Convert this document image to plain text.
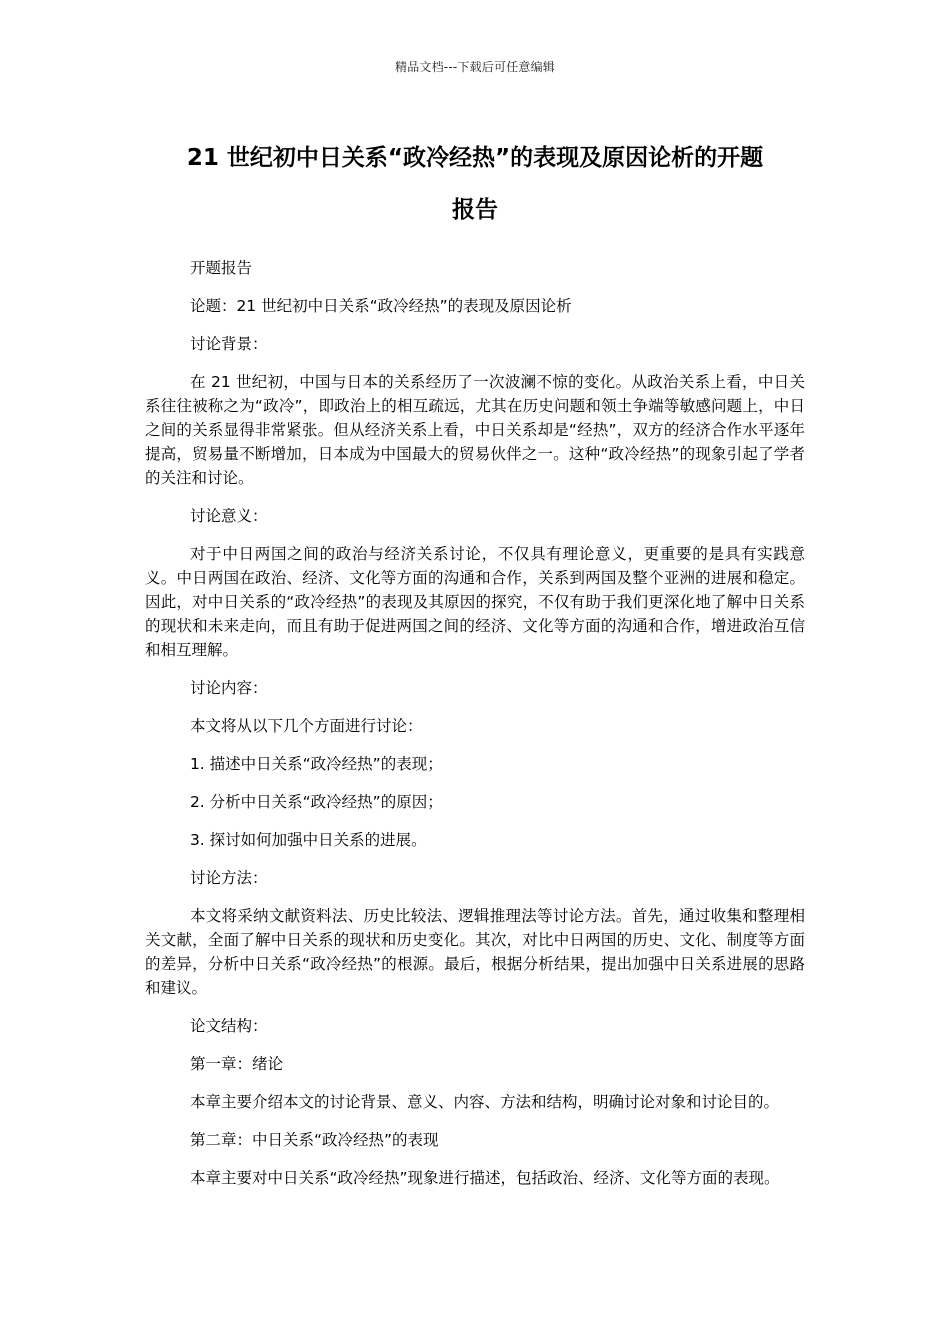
精品文档---下载后可任意编辑
21 世纪初中日关系“政冷经热”的表现及原因论析的开题
报告

开题报告

论题：21 世纪初中日关系“政冷经热”的表现及原因论析

讨论背景：

在 21 世纪初，中国与日本的关系经历了一次波澜不惊的变化。从政治关系上看，中日关系往往被称之为“政冷”，即政治上的相互疏远，尤其在历史问题和领土争端等敏感问题上，中日之间的关系显得非常紧张。但从经济关系上看，中日关系却是“经热”，双方的经济合作水平逐年提高，贸易量不断增加，日本成为中国最大的贸易伙伴之一。这种“政冷经热”的现象引起了学者的关注和讨论。

讨论意义：

对于中日两国之间的政治与经济关系讨论，不仅具有理论意义，更重要的是具有实践意义。中日两国在政治、经济、文化等方面的沟通和合作，关系到两国及整个亚洲的进展和稳定。因此，对中日关系的“政冷经热”的表现及其原因的探究，不仅有助于我们更深化地了解中日关系的现状和未来走向，而且有助于促进两国之间的经济、文化等方面的沟通和合作，增进政治互信和相互理解。

讨论内容：

本文将从以下几个方面进行讨论：

1. 描述中日关系“政冷经热”的表现；

2. 分析中日关系“政冷经热”的原因；

3. 探讨如何加强中日关系的进展。

讨论方法：

本文将采纳文献资料法、历史比较法、逻辑推理法等讨论方法。首先，通过收集和整理相关文献，全面了解中日关系的现状和历史变化。其次，对比中日两国的历史、文化、制度等方面的差异，分析中日关系“政冷经热”的根源。最后，根据分析结果，提出加强中日关系进展的思路和建议。

论文结构：

第一章：绪论

本章主要介绍本文的讨论背景、意义、内容、方法和结构，明确讨论对象和讨论目的。

第二章：中日关系“政冷经热”的表现

本章主要对中日关系“政冷经热”现象进行描述，包括政治、经济、文化等方面的表现。
